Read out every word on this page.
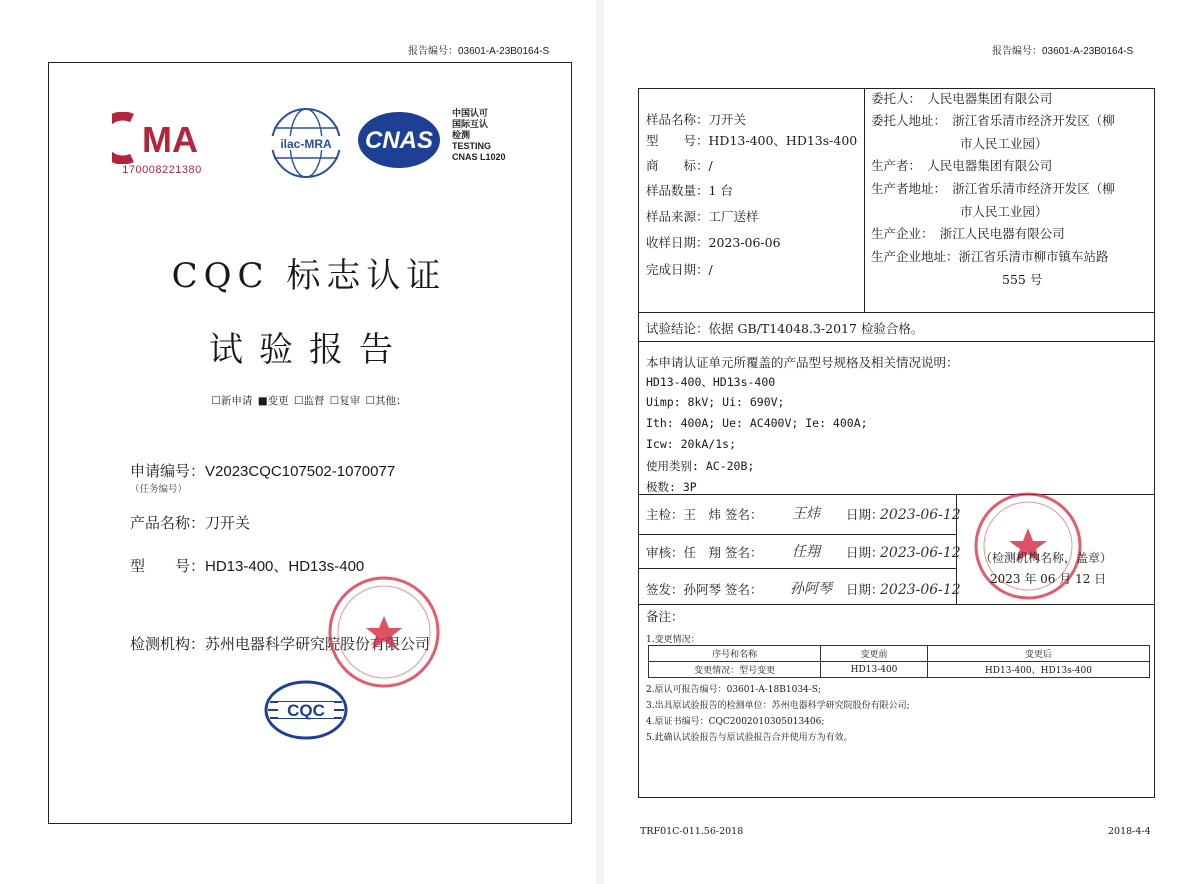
报告编号：03601-A-23B0164-S
MA
170008221380
ilac-MRA CNAS
中国认可
国际互认
检测
TESTING
CNAS L1020
CQC 标志认证
试验报告
☐新申请 ■变更 ☐监督 ☐复审 ☐其他：
申请编号：V2023CQC107502-1070077
（任务编号）
产品名称：刀开关
型　　号：HD13-400、HD13s-400
检测机构：苏州电器科学研究院股份有限公司
CQC
报告编号：03601-A-23B0164-S
样品名称：刀开关
型　　号：HD13-400、HD13s-400
商　　标：/
样品数量：1 台
样品来源：工厂送样
收样日期：2023-06-06
完成日期：/
委托人：　人民电器集团有限公司
委托人地址：　浙江省乐清市经济开发区（柳
市人民工业园）
生产者：　人民电器集团有限公司
生产者地址：　浙江省乐清市经济开发区（柳
市人民工业园）
生产企业：　浙江人民电器有限公司
生产企业地址：浙江省乐清市柳市镇车站路
555 号
试验结论：依据 GB/T14048.3-2017 检验合格。
本申请认证单元所覆盖的产品型号规格及相关情况说明：
HD13-400、HD13s-400
Uimp: 8kV; Ui: 690V;
Ith: 400A; Ue: AC400V; Ie: 400A;
Icw: 20kA/1s;
使用类别: AC-20B;
极数: 3P
主检：王　炜 签名： 王炜 日期：
2023-06-12
审核：任　翔 签名： 任翔 日期：
2023-06-12
签发：孙阿琴 签名： 孙阿琴 日期：
2023-06-12
（检测机构名称，盖章）
2023 年 06 月 12 日
备注：
1.变更情况：
序号和名称	变更前	变更后
变更情况：型号变更	HD13-400	HD13-400、HD13s-400
2.原认可报告编号：03601-A-18B1034-S;
3.出具原试验报告的检测单位：苏州电器科学研究院股份有限公司;
4.原证书编号：CQC2002010305013406;
5.此确认试验报告与原试验报告合并使用方为有效。
TRF01C-011.56-2018	2018-4-4
